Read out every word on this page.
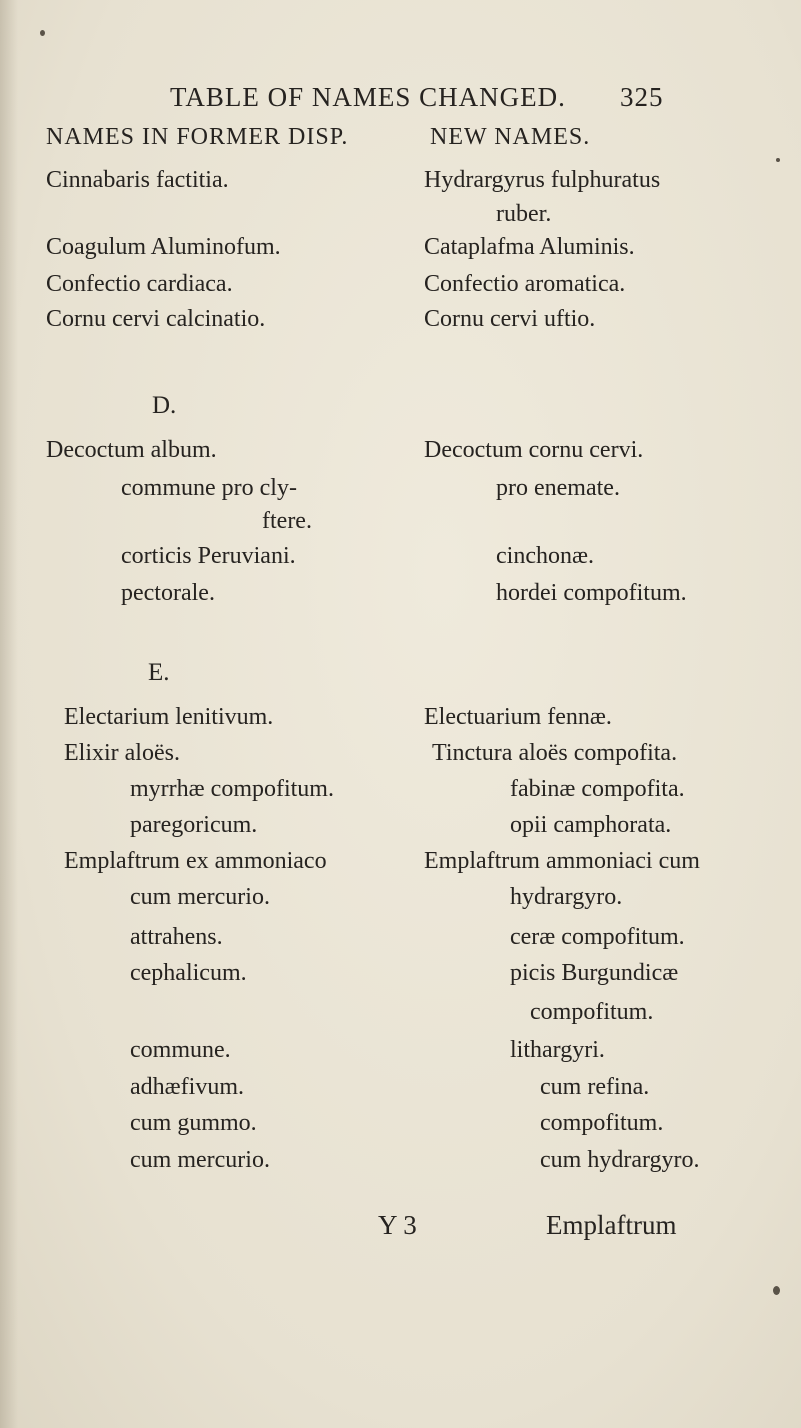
TABLE OF NAMES CHANGED. 325
NAMES IN FORMER DISP.	NEW NAMES.
Cinnabaris factitia.
Coagulum Aluminofum.
Confectio cardiaca.
Cornu cervi calcinatio.
Hydrargyrus fulphuratus
ruber.
Cataplafma Aluminis.
Confectio aromatica.
Cornu cervi uftio.
D.
Decoctum album.
commune pro cly-
ftere.
corticis Peruviani.
pectorale.
Decoctum cornu cervi.
pro enemate.
cinchonæ.
hordei compofitum.
E.
Electarium lenitivum.
Elixir aloës.
myrrhæ compofitum.
paregoricum.
Emplaftrum ex ammoniaco
cum mercurio.
attrahens.
cephalicum.
commune.
adhæfivum.
cum gummo.
cum mercurio.
Electuarium fennæ.
Tinctura aloës compofita.
fabinæ compofita.
opii camphorata.
Emplaftrum ammoniaci cum
hydrargyro.
ceræ compofitum.
picis Burgundicæ
compofitum.
lithargyri.
cum refina.
compofitum.
cum hydrargyro.
Y 3	Emplaftrum
